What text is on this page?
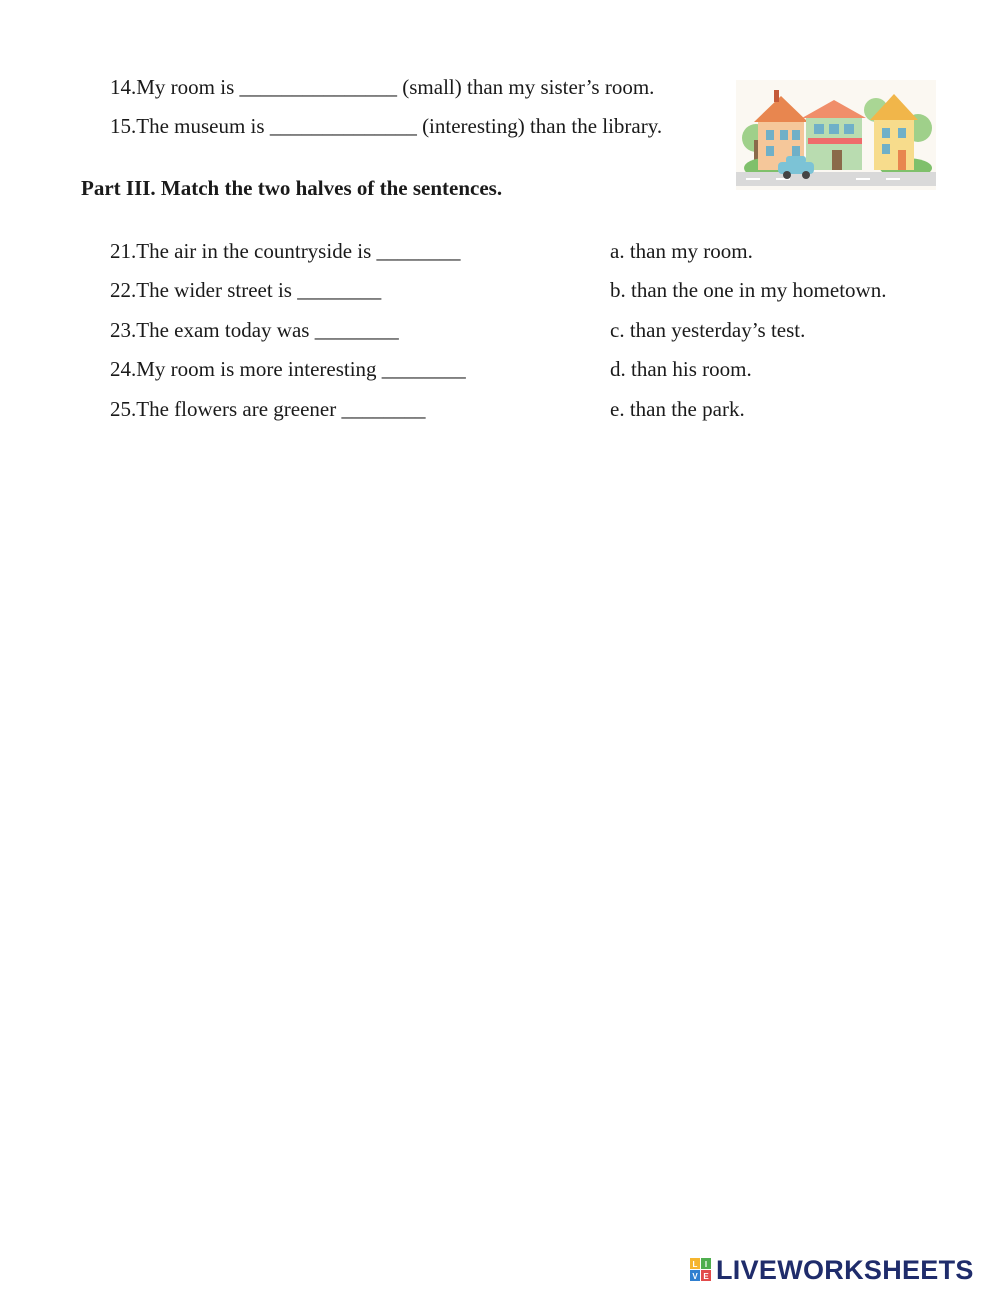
14.My room is _______________ (small) than my sister’s room.
15.The museum is ______________ (interesting) than the library.
Part III. Match the two halves of the sentences.
21.The air in the countryside is ________
22.The wider street is ________
23.The exam today was ________
24.My room is more interesting ________
25.The flowers are greener ________
a. than my room.
b. than the one in my hometown.
c. than yesterday’s test.
d. than his room.
e. than the park.
L I
V E LIVEWORKSHEETS
